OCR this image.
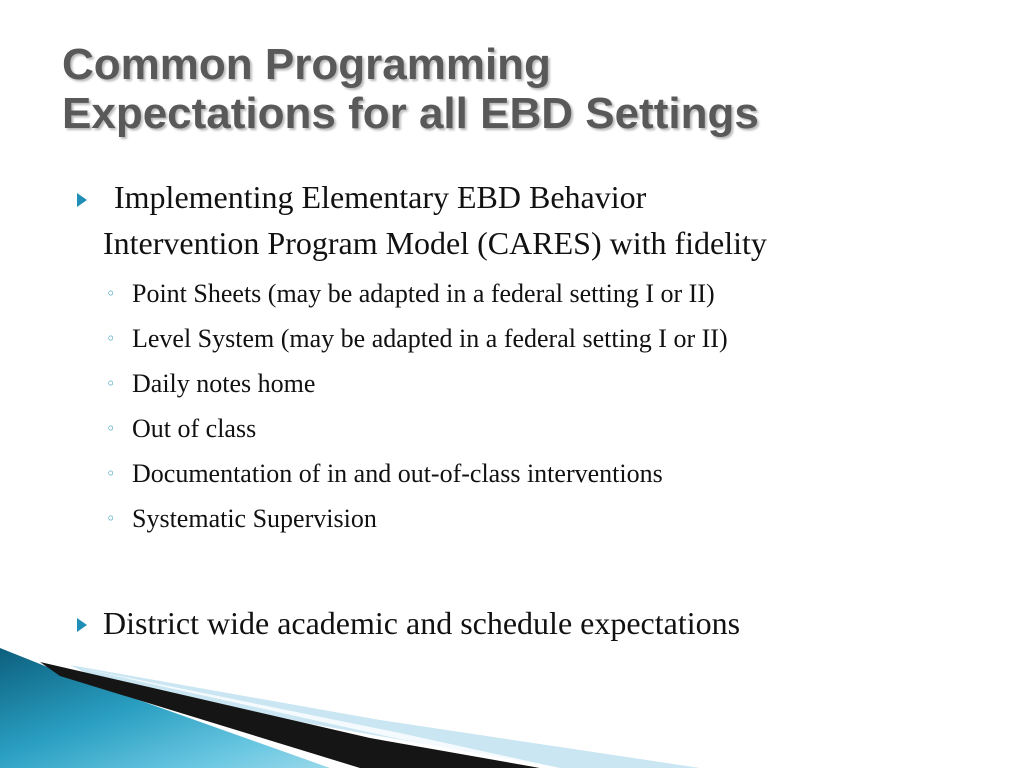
Common Programming
Expectations for all EBD Settings
Implementing Elementary EBD Behavior
Intervention Program Model (CARES) with fidelity
◦ Point Sheets (may be adapted in a federal setting I or II)
◦ Level System (may be adapted in a federal setting I or II)
◦ Daily notes home
◦ Out of class
◦ Documentation of in and out-of-class interventions
◦ Systematic Supervision
District wide academic and schedule expectations
